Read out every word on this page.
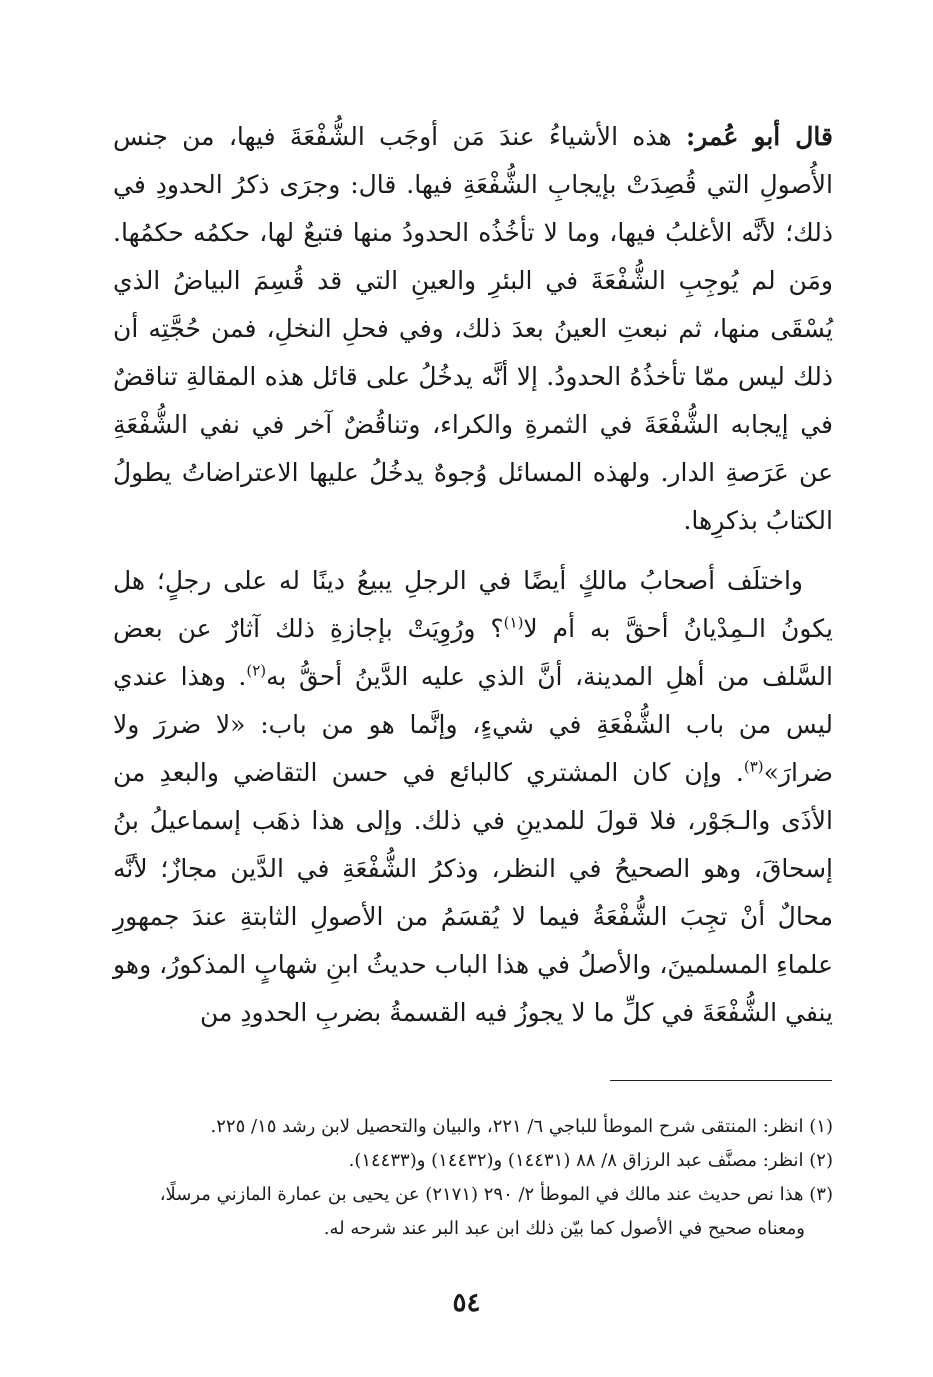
قال أبو عُمر: هذه الأشياءُ عندَ مَن أوجَب الشُّفْعَةَ فيها، من جنس الأُصولِ التي قُصِدَتْ بإيجابِ الشُّفْعَةِ فيها. قال: وجرَى ذكرُ الحدودِ في ذلك؛ لأنَّه الأغلبُ فيها، وما لا تأخُذُه الحدودُ منها فتبعٌ لها، حكمُه حكمُها. ومَن لم يُوجِبِ الشُّفْعَةَ في البئرِ والعينِ التي قد قُسِمَ البياضُ الذي يُسْقَى منها، ثم نبعتِ العينُ بعدَ ذلك، وفي فحلِ النخلِ، فمن حُجَّتِه أن ذلك ليس ممّا تأخذُهُ الحدودُ. إلا أنَّه يدخُلُ على قائل هذه المقالةِ تناقضٌ في إيجابه الشُّفْعَةَ في الثمرةِ والكراء، وتناقُضٌ آخر في نفي الشُّفْعَةِ عن عَرَصةِ الدار. ولهذه المسائل وُجوهٌ يدخُلُ عليها الاعتراضاتُ يطولُ الكتابُ بذكرِها.

واختلَف أصحابُ مالكٍ أيضًا في الرجلِ يبيعُ دينًا له على رجلٍ؛ هل يكونُ الـمِدْيانُ أحقَّ به أم لا$^{(١)}$؟ ورُوِيَتْ بإجازةِ ذلك آثارٌ عن بعض السَّلف من أهلِ المدينة، أنَّ الذي عليه الدَّينُ أحقُّ به$^{(٢)}$. وهذا عندي ليس من باب الشُّفْعَةِ في شيءٍ، وإنَّما هو من باب: «لا ضررَ ولا ضرارَ»$^{(٣)}$. وإن كان المشتري كالبائع في حسن التقاضي والبعدِ من الأذَى والـجَوْر، فلا قولَ للمدينِ في ذلك. وإلى هذا ذهَب إسماعيلُ بنُ إسحاقَ، وهو الصحيحُ في النظر، وذكرُ الشُّفْعَةِ في الدَّين مجازٌ؛ لأنَّه محالٌ أنْ تجِبَ الشُّفْعَةُ فيما لا يُقسَمُ من الأصولِ الثابتةِ عندَ جمهورِ علماءِ المسلمينَ، والأصلُ في هذا الباب حديثُ ابنِ شهابٍ المذكورُ، وهو ينفي الشُّفْعَةَ في كلِّ ما لا يجوزُ فيه القسمةُ بضربِ الحدودِ من

(١) انظر: المنتقى شرح الموطأ للباجي ٦/ ٢٢١، والبيان والتحصيل لابن رشد ١٥/ ٢٢٥.

(٢) انظر: مصنَّف عبد الرزاق ٨/ ٨٨ (١٤٤٣١) و(١٤٤٣٢) و(١٤٤٣٣).

(٣) هذا نص حديث عند مالك في الموطأ ٢/ ٢٩٠ (٢١٧١) عن يحيى بن عمارة المازني مرسلًا،

ومعناه صحيح في الأصول كما بيّن ذلك ابن عبد البر عند شرحه له.

٥٤
